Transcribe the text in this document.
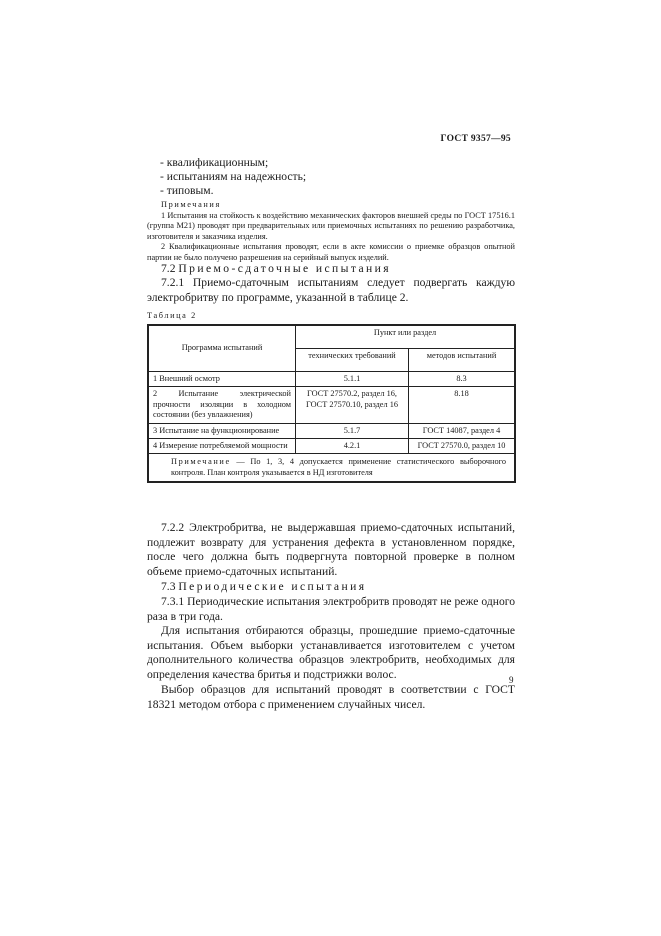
ГОСТ 9357—95
- квалификационным;
- испытаниям на надежность;
- типовым.
Примечания
1 Испытания на стойкость к воздействию механических факторов внешней среды по ГОСТ 17516.1 (группа М21) проводят при предварительных или приемочных испытаниях по решению разработчика, изготовителя и заказчика изделия.
2 Квалификационные испытания проводят, если в акте комиссии о приемке образцов опытной партии не было получено разрешения на серийный выпуск изделий.
7.2 Приемо-сдаточные испытания
7.2.1 Приемо-сдаточным испытаниям следует подвергать каждую электробритву по программе, указанной в таблице 2.
Таблица 2
Программа испытаний	Пункт или раздел	
	технических требований	методов испытаний
1 Внешний осмотр	5.1.1	8.3
2 Испытание электрической прочности изоляции в холодном состоянии (без увлажнения)	ГОСТ 27570.2, раздел 16, ГОСТ 27570.10, раздел 16	8.18
3 Испытание на функционирование	5.1.7	ГОСТ 14087, раздел 4
4 Измерение потребляемой мощности	4.2.1	ГОСТ 27570.0, раздел 10
Примечание — По 1, 3, 4 допускается применение статистического выборочного контроля. План контроля указывается в НД изготовителя		
7.2.2 Электробритва, не выдержавшая приемо-сдаточных испытаний, подлежит возврату для устранения дефекта в установленном порядке, после чего должна быть подвергнута повторной проверке в полном объеме приемо-сдаточных испытаний.
7.3 Периодические испытания
7.3.1 Периодические испытания электробритв проводят не реже одного раза в три года.
Для испытания отбираются образцы, прошедшие приемо-сдаточные испытания. Объем выборки устанавливается изготовителем с учетом дополнительного количества образцов электробритв, необходимых для определения качества бритья и подстрижки волос.
Выбор образцов для испытаний проводят в соответствии с ГОСТ 18321 методом отбора с применением случайных чисел.
9
